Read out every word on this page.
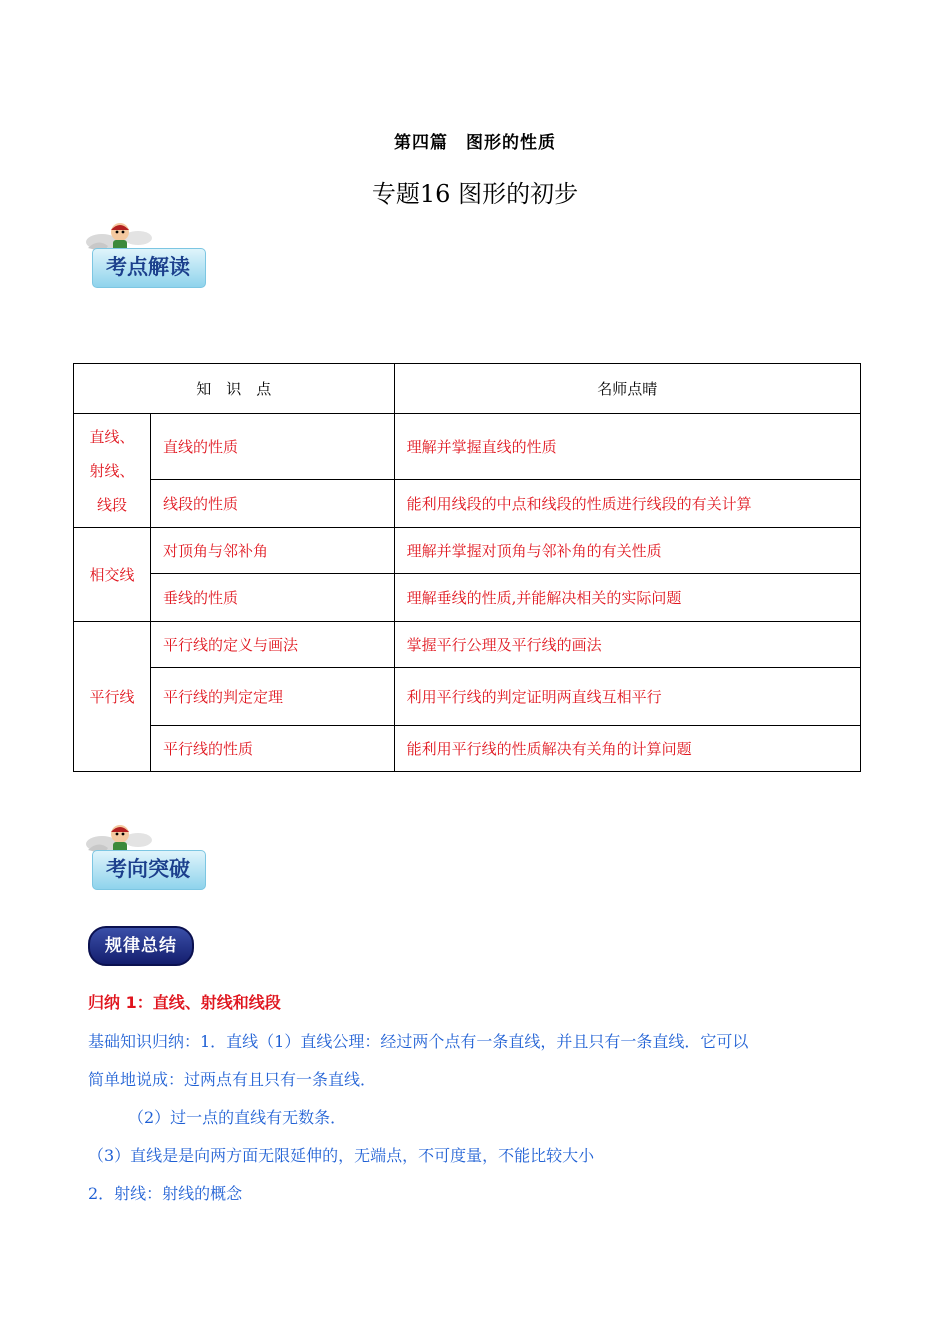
第四篇　图形的性质
专题16 图形的初步
考点解读
知　识　点		名师点晴

直线、
射线、
线段	直线的性质	理解并掌握直线的性质
	线段的性质	能利用线段的中点和线段的性质进行线段的有关计算

相交线	对顶角与邻补角	理解并掌握对顶角与邻补角的有关性质
	垂线的性质	理解垂线的性质,并能解决相关的实际问题

平行线	平行线的定义与画法	掌握平行公理及平行线的画法
	平行线的判定定理	利用平行线的判定证明两直线互相平行
	平行线的性质	能利用平行线的性质解决有关角的计算问题
考向突破
规律总结
归纳 1：直线、射线和线段
基础知识归纳：1．直线（1）直线公理：经过两个点有一条直线，并且只有一条直线．它可以
简单地说成：过两点有且只有一条直线．
（2）过一点的直线有无数条．
（3）直线是是向两方面无限延伸的，无端点，不可度量，不能比较大小
2．射线：射线的概念
